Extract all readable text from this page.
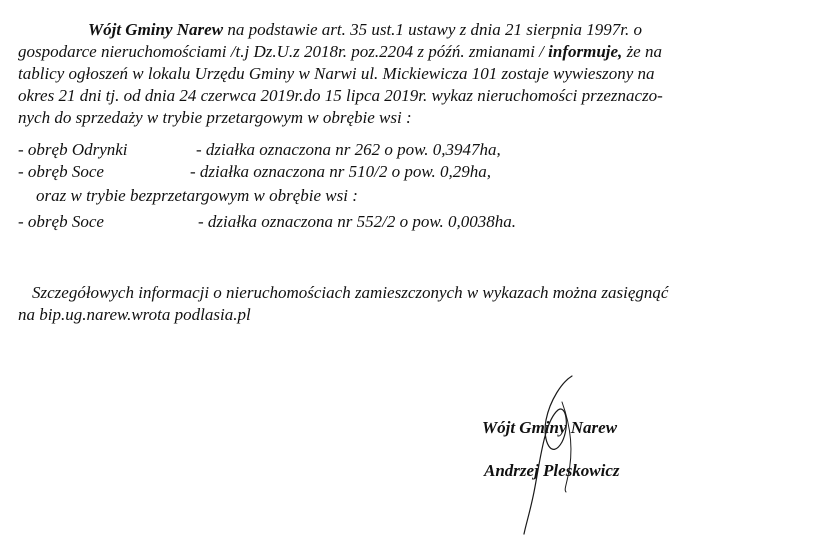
Wójt Gminy Narew na podstawie art. 35 ust.1 ustawy z dnia 21 sierpnia 1997r. o
gospodarce nieruchomościami /t.j Dz.U.z 2018r. poz.2204 z późń. zmianami / informuje, że na
tablicy ogłoszeń w lokalu Urzędu Gminy w Narwi ul. Mickiewicza 101 zostaje wywieszony na
okres 21 dni tj. od dnia 24 czerwca 2019r.do 15 lipca 2019r. wykaz nieruchomości przeznaczo-
nych do sprzedaży w trybie przetargowym w obrębie wsi :
- obręb Odrynki	- działka oznaczona nr 262 o pow. 0,3947ha,
- obręb Soce	- działka oznaczona nr 510/2 o pow. 0,29ha,
oraz w trybie bezprzetargowym w obrębie wsi :
- obręb Soce	- działka oznaczona nr 552/2 o pow. 0,0038ha.
Szczegółowych informacji o nieruchomościach zamieszczonych w wykazach można zasięgnąć
na bip.ug.narew.wrota podlasia.pl
Wójt Gminy Narew
Andrzej Pleskowicz
